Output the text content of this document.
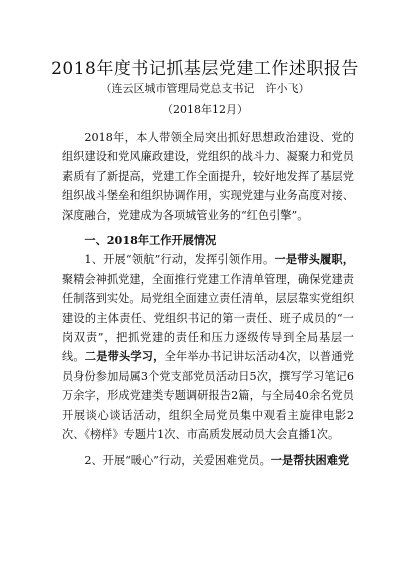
2018年度书记抓基层党建工作述职报告
（连云区城市管理局党总支书记　许小飞）
（2018年12月）

2018年，本人带领全局突出抓好思想政治建设、党的组织建设和党风廉政建设，党组织的战斗力、凝聚力和党员素质有了新提高，党建工作全面提升，较好地发挥了基层党组织战斗堡垒和组织协调作用，实现党建与业务高度对接、深度融合，党建成为各项城管业务的“红色引擎”。

一、2018年工作开展情况

1、开展“领航”行动，发挥引领作用。一是带头履职，聚精会神抓党建，全面推行党建工作清单管理，确保党建责任制落到实处。局党组全面建立责任清单，层层靠实党组织建设的主体责任、党组织书记的第一责任、班子成员的“一岗双责”，把抓党建的责任和压力逐级传导到全局基层一线。二是带头学习，全年举办书记讲坛活动4次，以普通党员身份参加局属3个党支部党员活动日5次，撰写学习笔记6万余字，形成党建类专题调研报告2篇，与全局40余名党员开展谈心谈话活动，组织全局党员集中观看主旋律电影2次、《榜样》专题片1次、市高质发展动员大会直播1次。

2、开展“暖心”行动，关爱困难党员。一是帮扶困难党
